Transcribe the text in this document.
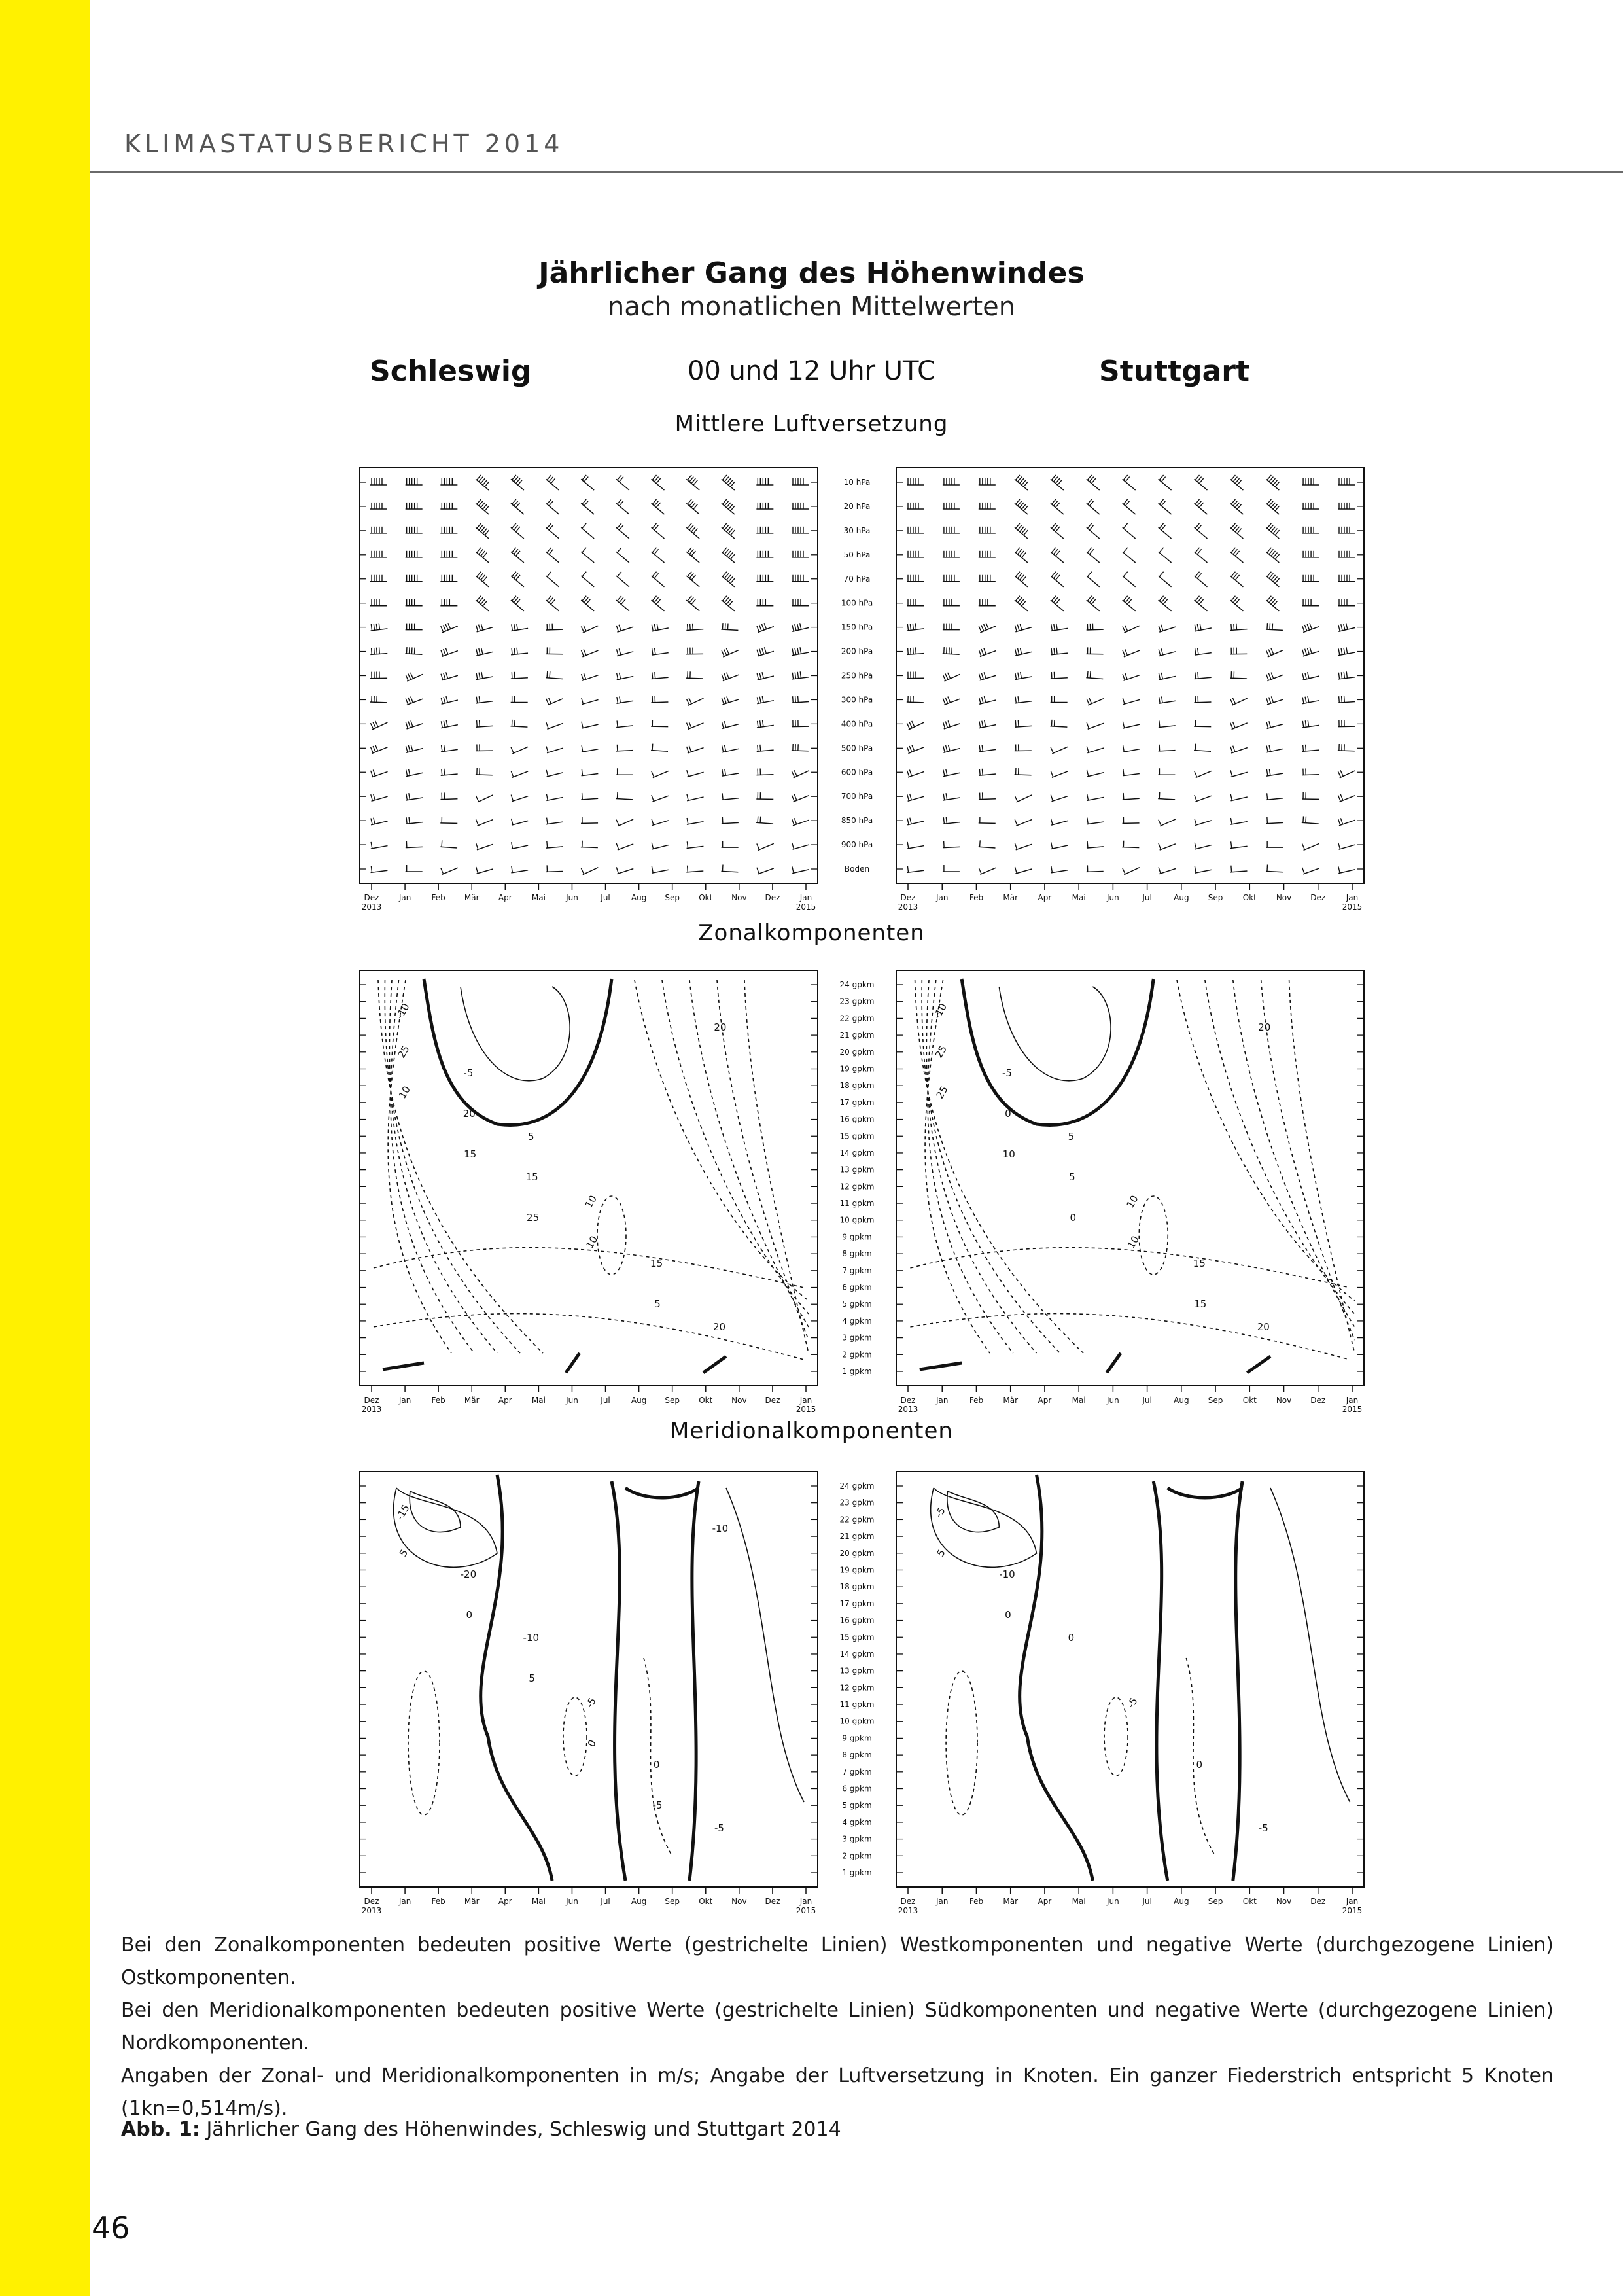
KLIMASTATUSBERICHT 2014
Jährlicher Gang des Höhenwindes
nach monatlichen Mittelwerten
Schleswig	00 und 12 Uhr UTC	Stuttgart
Mittlere Luftversetzung
Dez	Jan	Feb Mär Apr	Mai	Jun	Jul	Aug Sep Okt Nov Dez	Jan
2013	2015
Dez	Jan	Feb	Mär	Apr	Mai	Jun	Jul	Aug Sep	Okt Nov Dez	Jan
2013	2015
10 hPa
20 hPa
30 hPa
50 hPa
70 hPa
100 hPa
150 hPa
200 hPa
250 hPa
300 hPa
400 hPa
500 hPa
600 hPa
700 hPa
850 hPa
900 hPa
Boden
Zonalkomponenten
Dez	Jan	Feb Mär Apr	Mai	Jun	Jul	Aug Sep Okt Nov Dez	Jan
2013	2015
-10
-5
5
10
15
20
25
20
15
10
5
20
10
15
25
Dez	Jan	Feb	Mär	Apr	Mai	Jun	Jul	Aug Sep	Okt Nov Dez	Jan
2013	2015
-10
-5
5
10
15
20
25
0
5
10
15
20
25
10
0
24 gpkm
23 gpkm
22 gpkm
21 gpkm
20 gpkm
19 gpkm
18 gpkm
17 gpkm
16 gpkm
15 gpkm
14 gpkm
13 gpkm
12 gpkm
11 gpkm
10 gpkm
9 gpkm
8 gpkm
7 gpkm
6 gpkm
5 gpkm
4 gpkm
3 gpkm
2 gpkm
1 gpkm
Meridionalkomponenten
Dez	Jan	Feb Mär Apr	Mai	Jun	Jul	Aug Sep Okt Nov Dez	Jan
2013	2015
-15
-20
-10
-5
0
-5
5
0
5
0
-5
-10
Dez	Jan	Feb	Mär	Apr	Mai	Jun	Jul	Aug Sep	Okt Nov Dez	Jan
2013	2015
-5
-10
0
-5
0
-5
5
0
24 gpkm
23 gpkm
22 gpkm
21 gpkm
20 gpkm
19 gpkm
18 gpkm
17 gpkm
16 gpkm
15 gpkm
14 gpkm
13 gpkm
12 gpkm
11 gpkm
10 gpkm
9 gpkm
8 gpkm
7 gpkm
6 gpkm
5 gpkm
4 gpkm
3 gpkm
2 gpkm
1 gpkm
Bei den Zonalkomponenten bedeuten positive Werte (gestrichelte Linien) Westkomponenten und negative Werte (durchgezogene Linien) Ostkomponenten.
Bei den Meridionalkomponenten bedeuten positive Werte (gestrichelte Linien) Südkomponenten und negative Werte (durchgezogene Linien) Nordkomponenten.
Angaben der Zonal- und Meridionalkomponenten in m/s; Angabe der Luftversetzung in Knoten. Ein ganzer Fiederstrich entspricht 5 Knoten (1kn=0,514m/s).
Abb. 1: Jährlicher Gang des Höhenwindes, Schleswig und Stuttgart 2014
46
